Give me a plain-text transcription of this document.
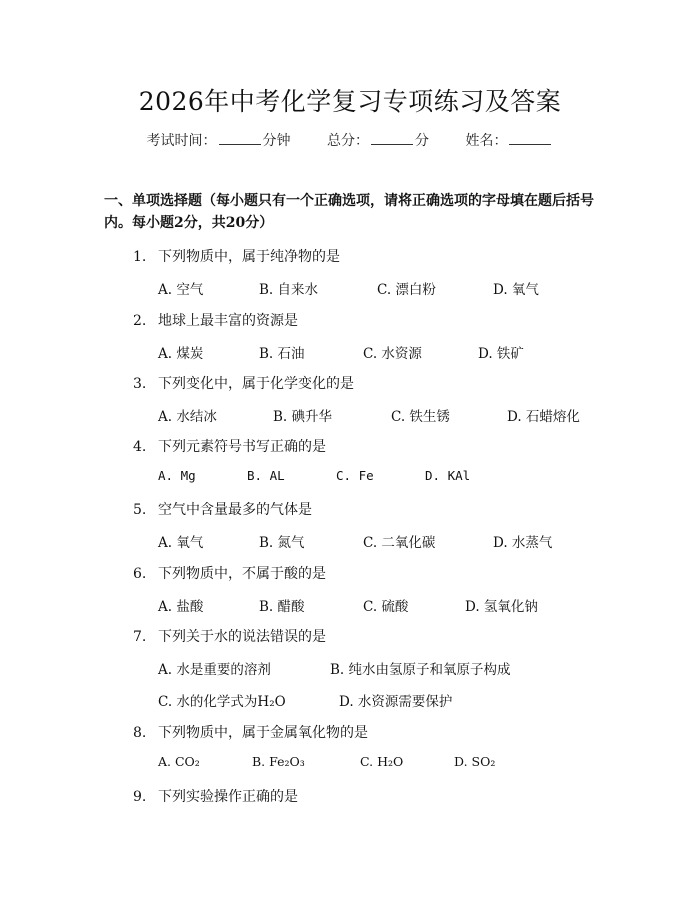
2026年中考化学复习专项练习及答案
考试时间：	分钟	总分：	分	姓名：
一、单项选择题（每小题只有一个正确选项，请将正确选项的字母填在题后括号内。每小题2分，共20分）
1. 下列物质中，属于纯净物的是
A. 空气	B. 自来水	C. 漂白粉	D. 氧气
2. 地球上最丰富的资源是
A. 煤炭	B. 石油	C. 水资源	D. 铁矿
3. 下列变化中，属于化学变化的是
A. 水结冰	B. 碘升华	C. 铁生锈	D. 石蜡熔化
4. 下列元素符号书写正确的是
A. Mg	B. AL	C. Fe	D. KAl
5. 空气中含量最多的气体是
A. 氧气	B. 氮气	C. 二氧化碳	D. 水蒸气
6. 下列物质中，不属于酸的是
A. 盐酸	B. 醋酸	C. 硫酸	D. 氢氧化钠
7. 下列关于水的说法错误的是
A. 水是重要的溶剂	B. 纯水由氢原子和氧原子构成
C. 水的化学式为H₂O	D. 水资源需要保护
8. 下列物质中，属于金属氧化物的是
A. CO₂	B. Fe₂O₃	C. H₂O	D. SO₂
9. 下列实验操作正确的是
